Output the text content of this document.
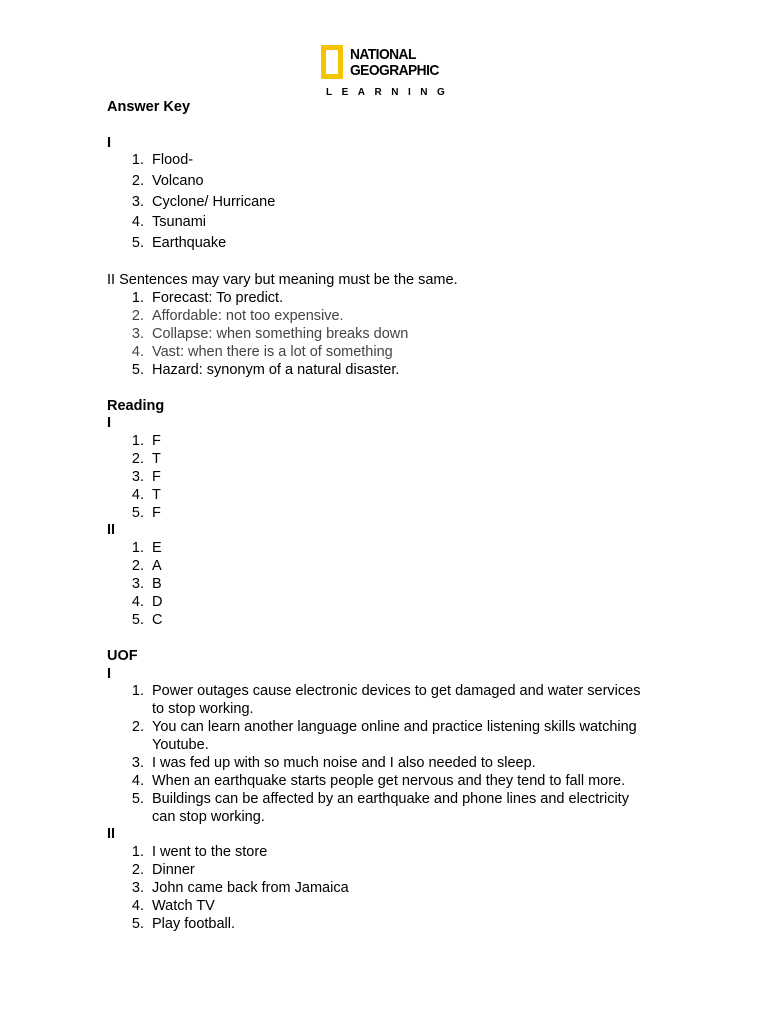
NATIONAL
GEOGRAPHIC
LEARNING
Answer Key
I
1. Flood-
2. Volcano
3. Cyclone/ Hurricane
4. Tsunami
5. Earthquake
II Sentences may vary but meaning must be the same.
1. Forecast: To predict.
2. Affordable: not too expensive.
3. Collapse: when something breaks down
4. Vast: when there is a lot of something
5. Hazard: synonym of a natural disaster.
Reading
I
1. F
2. T
3. F
4. T
5. F
II
1. E
2. A
3. B
4. D
5. C
UOF
I
1. Power outages cause electronic devices to get damaged and water services
to stop working.
2. You can learn another language online and practice listening skills watching
Youtube.
3. I was fed up with so much noise and I also needed to sleep.
4. When an earthquake starts people get nervous and they tend to fall more.
5. Buildings can be affected by an earthquake and phone lines and electricity
can stop working.
II
1. I went to the store
2. Dinner
3. John came back from Jamaica
4. Watch TV
5. Play football.
